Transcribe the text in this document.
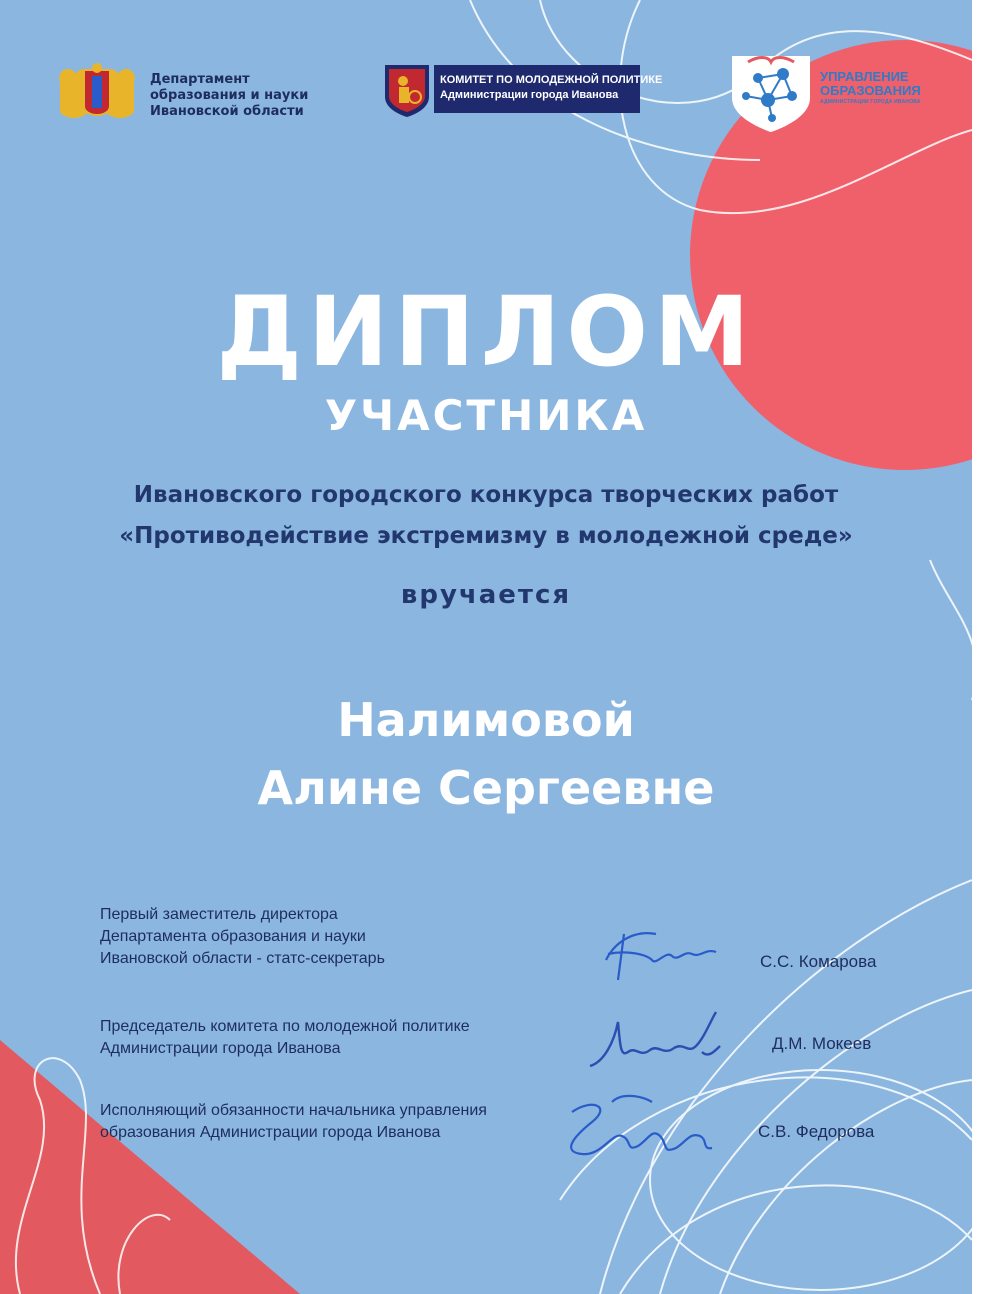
Департамент
образования и науки
Ивановской области
КОМИТЕТ ПО МОЛОДЕЖНОЙ ПОЛИТИКЕ
Администрации города Иванова
УПРАВЛЕНИЕ
ОБРАЗОВАНИЯ
АДМИНИСТРАЦИИ ГОРОДА ИВАНОВА
ДИПЛОМ
УЧАСТНИКА
Ивановского городского конкурса творческих работ
«Противодействие экстремизму в молодежной среде»
вручается
Налимовой
Алине Сергеевне
Первый заместитель директора
Департамента образования и науки
Ивановской области - статс-секретарь	С.С. Комарова
Председатель комитета по молодежной политике
Администрации города Иванова	Д.М. Мокеев
Исполняющий обязанности начальника управления
образования Администрации города Иванова	С.В. Федорова
